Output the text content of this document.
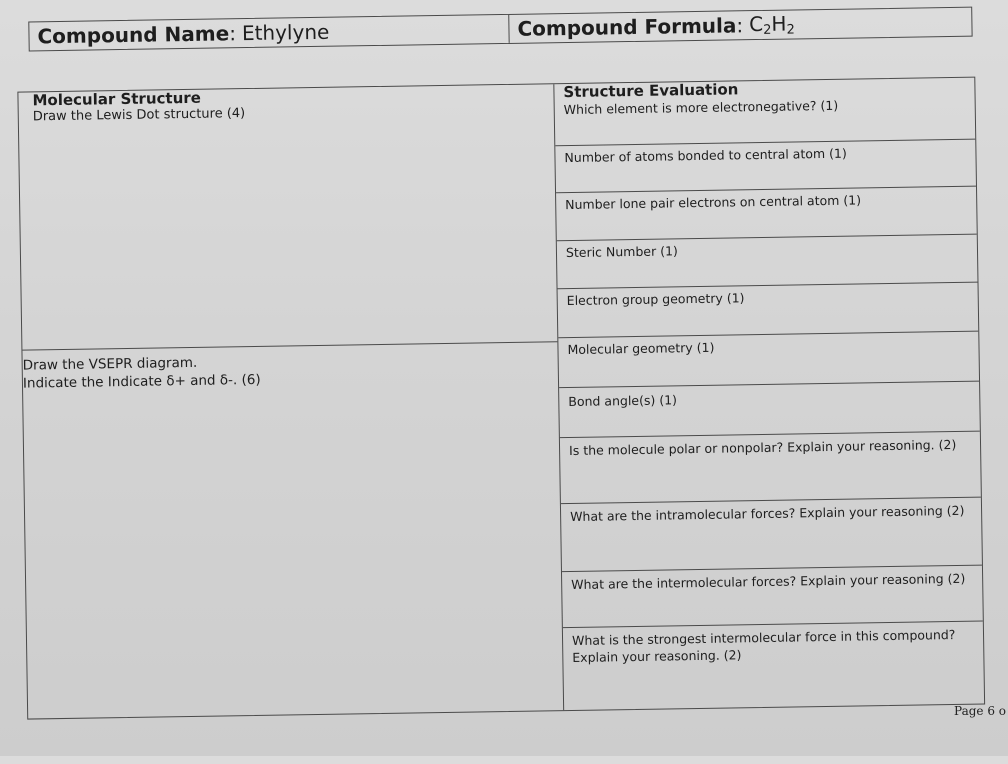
Compound Name : Ethylyne	Compound Formula : $C_2H_2$

Molecular Structure

Draw the Lewis Dot structure (4)

Draw the VSEPR diagram.

Indicate the Indicate δ+ and δ-. (6)

Structure Evaluation

Which element is more electronegative? (1)
Number of atoms bonded to central atom (1)
Number lone pair electrons on central atom (1)
Steric Number (1)
Electron group geometry (1)
Molecular geometry (1)
Bond angle(s) (1)
Is the molecule polar or nonpolar? Explain your reasoning. (2)
What are the intramolecular forces? Explain your reasoning (2)
What are the intermolecular forces? Explain your reasoning (2)
What is the strongest intermolecular force in this compound? Explain your reasoning. (2)
Page 6 o
